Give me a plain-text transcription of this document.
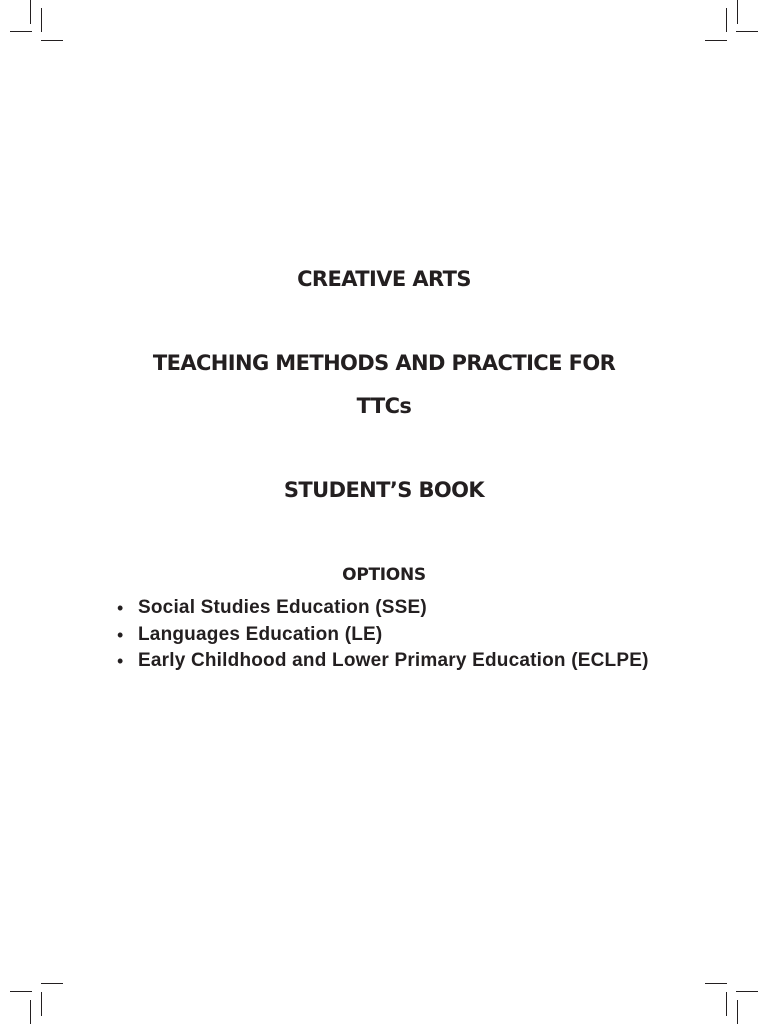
CREATIVE ARTS
TEACHING METHODS AND PRACTICE FOR
TTCs
STUDENT’S BOOK
OPTIONS
• Social Studies Education (SSE)
• Languages Education (LE)
• Early Childhood and Lower Primary Education (ECLPE)
